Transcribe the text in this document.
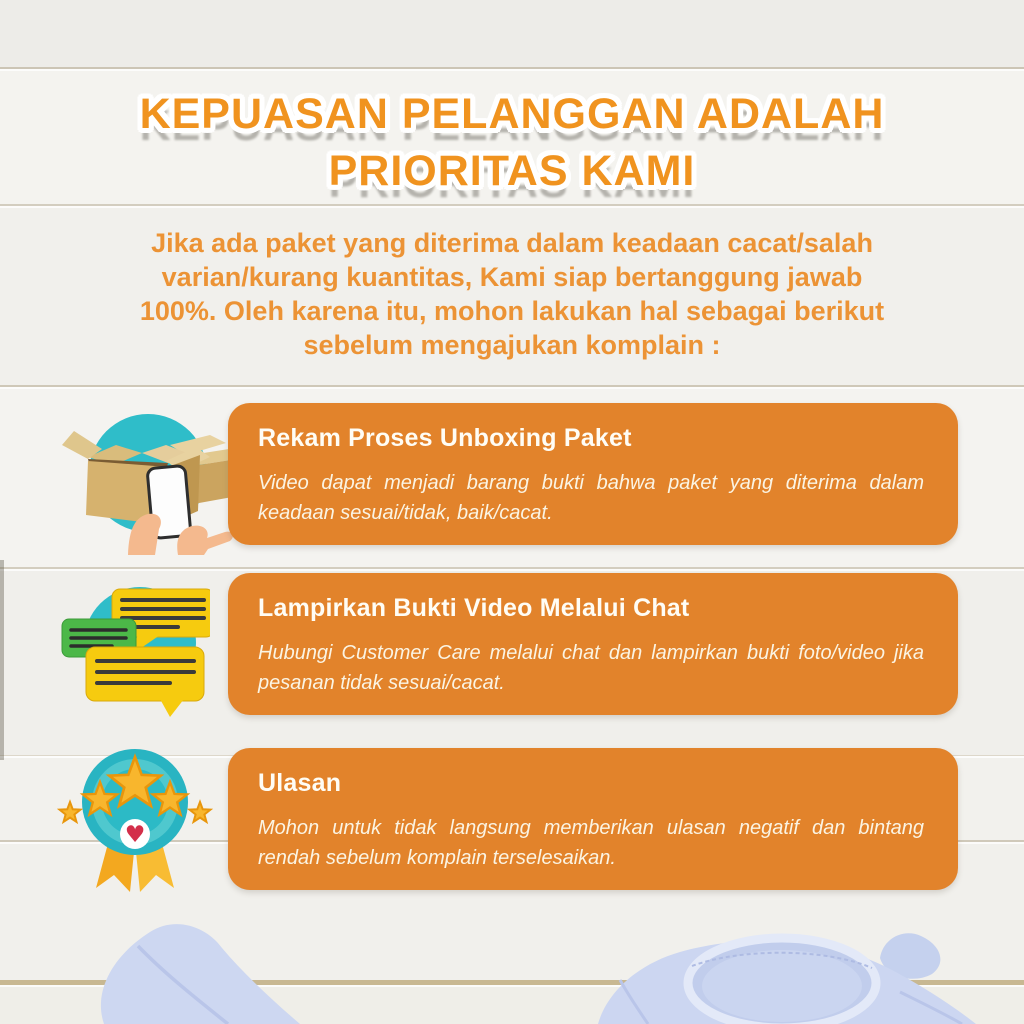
KEPUASAN PELANGGAN ADALAH
PRIORITAS KAMI
Jika ada paket yang diterima dalam keadaan cacat/salah
varian/kurang kuantitas, Kami siap bertanggung jawab
100%. Oleh karena itu, mohon lakukan hal sebagai berikut
sebelum mengajukan komplain :
Rekam Proses Unboxing Paket

Video dapat menjadi barang bukti bahwa paket yang diterima dalam keadaan sesuai/tidak, baik/cacat.

Lampirkan Bukti Video Melalui Chat

Hubungi Customer Care melalui chat dan lampirkan bukti foto/video jika pesanan tidak sesuai/cacat.

♥
Ulasan

Mohon untuk tidak langsung memberikan ulasan negatif dan bintang rendah sebelum komplain terselesaikan.
